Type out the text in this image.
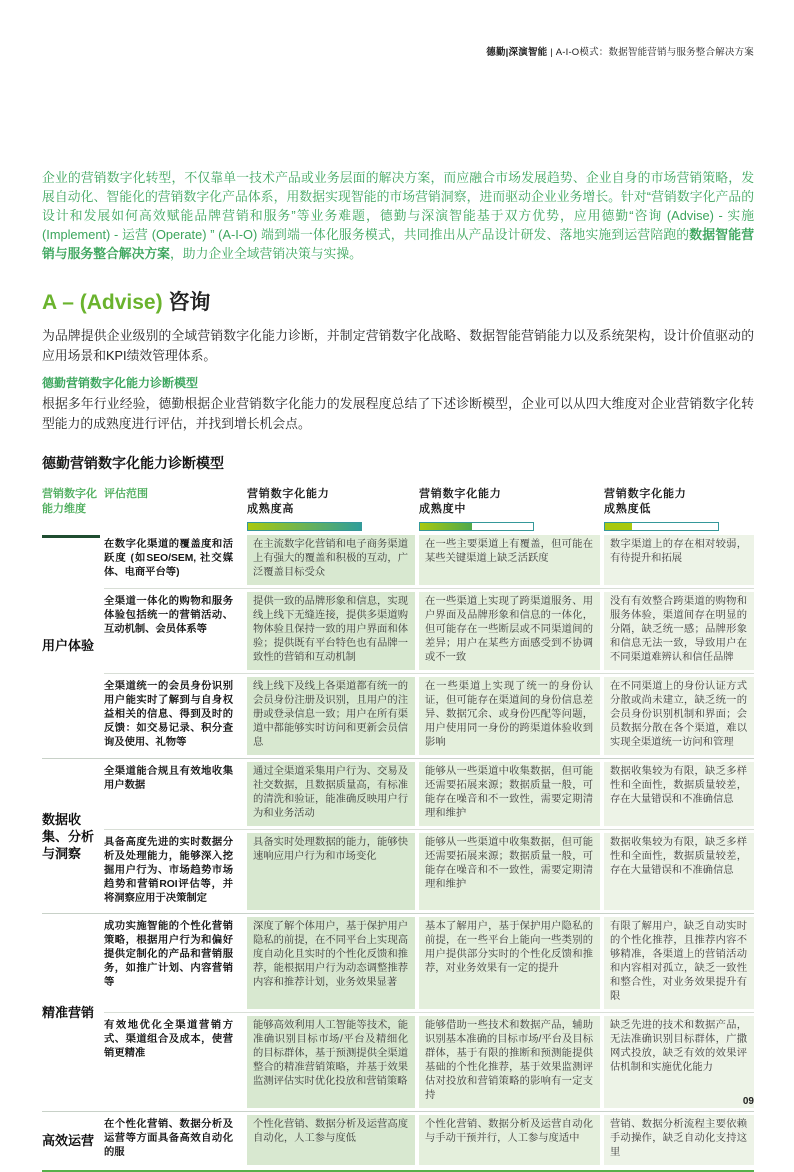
德勤|深演智能 | A-I-O模式：数据智能营销与服务整合解决方案

企业的营销数字化转型，不仅靠单一技术产品或业务层面的解决方案，而应融合市场发展趋势、企业自身的市场营销策略，发展自动化、智能化的营销数字化产品体系，用数据实现智能的市场营销洞察，进而驱动企业业务增长。针对“营销数字化产品的设计和发展如何高效赋能品牌营销和服务”等业务难题，德勤与深演智能基于双方优势，应用德勤“咨询 (Advise) - 实施 (Implement) - 运营 (Operate) ” (A-I-O) 端到端一体化服务模式，共同推出从产品设计研发、落地实施到运营陪跑的数据智能营销与服务整合解决方案，助力企业全域营销决策与实操。

A – (Advise) 咨询

为品牌提供企业级别的全域营销数字化能力诊断，并制定营销数字化战略、数据智能营销能力以及系统架构，设计价值驱动的应用场景和KPI绩效管理体系。

德勤营销数字化能力诊断模型

根据多年行业经验，德勤根据企业营销数字化能力的发展程度总结了下述诊断模型，企业可以从四大维度对企业营销数字化转型能力的成熟度进行评估，并找到增长机会点。

德勤营销数字化能力诊断模型
营销数字化
能力维度
评估范围	营销数字化能力
成熟度高
营销数字化能力
成熟度中
营销数字化能力
成熟度低
用户体验
在数字化渠道的覆盖度和活跃度 (如SEO/SEM, 社交媒体、电商平台等)
在主流数字化营销和电子商务渠道上有强大的覆盖和积极的互动，广泛覆盖目标受众
在一些主要渠道上有覆盖，但可能在某些关键渠道上缺乏活跃度
数字渠道上的存在相对较弱，有待提升和拓展
全渠道一体化的购物和服务体验包括统一的营销活动、互动机制、会员体系等
提供一致的品牌形象和信息，实现线上线下无缝连接，提供多渠道购物体验且保持一致的用户界面和体验；提供既有平台特色也有品牌一致性的营销和互动机制
在一些渠道上实现了跨渠道服务、用户界面及品牌形象和信息的一体化，但可能存在一些断层或不同渠道间的差异；用户在某些方面感受到不协调或不一致
没有有效整合跨渠道的购物和服务体验，渠道间存在明显的分隔，缺乏统一感；品牌形象和信息无法一致，导致用户在不同渠道难辨认和信任品牌
全渠道统一的会员身份识别 用户能实时了解到与自身权益相关的信息、得到及时的反馈：如交易记录、积分查询及使用、礼物等
线上线下及线上各渠道都有统一的会员身份注册及识别，且用户的注册或登录信息一致；用户在所有渠道中都能够实时访问和更新会员信息
在一些渠道上实现了统一的身份认证，但可能存在渠道间的身份信息差异、数据冗余、或身份匹配等问题，用户使用同一身份的跨渠道体验收到影响
在不同渠道上的身份认证方式分散或尚未建立，缺乏统一的会员身份识别机制和界面；会员数据分散在各个渠道，难以实现全渠道统一访问和管理
数据收集、分析与洞察
全渠道能合规且有效地收集用户数据
通过全渠道采集用户行为、交易及社交数据，且数据质量高，有标准的清洗和验证，能准确反映用户行为和业务活动
能够从一些渠道中收集数据，但可能还需要拓展来源；数据质量一般，可能存在噪音和不一致性，需要定期清理和维护
数据收集较为有限，缺乏多样性和全面性，数据质量较差，存在大量错误和不准确信息
具备高度先进的实时数据分析及处理能力，能够深入挖掘用户行为、市场趋势市场趋势和营销ROI评估等，并将洞察应用于决策制定
具备实时处理数据的能力，能够快速响应用户行为和市场变化
能够从一些渠道中收集数据，但可能还需要拓展来源；数据质量一般，可能存在噪音和不一致性，需要定期清理和维护
数据收集较为有限，缺乏多样性和全面性，数据质量较差，存在大量错误和不准确信息
精准营销
成功实施智能的个性化营销策略，根据用户行为和偏好提供定制化的产品和营销服务，如推广计划、内容营销等
深度了解个体用户，基于保护用户隐私的前提，在不同平台上实现高度自动化且实时的个性化反馈和推荐，能根据用户行为动态调整推荐内容和推荐计划，业务效果显著
基本了解用户，基于保护用户隐私的前提，在一些平台上能向一些类别的用户提供部分实时的个性化反馈和推荐，对业务效果有一定的提升
有限了解用户，缺乏自动实时的个性化推荐，且推荐内容不够精准，各渠道上的营销活动和内容相对孤立，缺乏一致性和整合性，对业务效果提升有限
有效地优化全渠道营销方式、渠道组合及成本，使营销更精准
能够高效利用人工智能等技术，能准确识别目标市场/平台及精细化的目标群体，基于预测提供全渠道整合的精准营销策略，并基于效果监测评估实时优化投放和营销策略
能够借助一些技术和数据产品，辅助识别基本准确的目标市场/平台及目标群体，基于有限的推断和预测能提供基础的个性化推荐，基于效果监测评估对投放和营销策略的影响有一定支持
缺乏先进的技术和数据产品，无法准确识别目标群体，广撒网式投放，缺乏有效的效果评估机制和实施优化能力
高效运营
在个性化营销、数据分析及运营等方面具备高效自动化的服
个性化营销、数据分析及运营高度自动化，人工参与度低
个性化营销、数据分析及运营自动化与手动干预并行，人工参与度适中
营销、数据分析流程主要依赖手动操作，缺乏自动化支持这里
09
